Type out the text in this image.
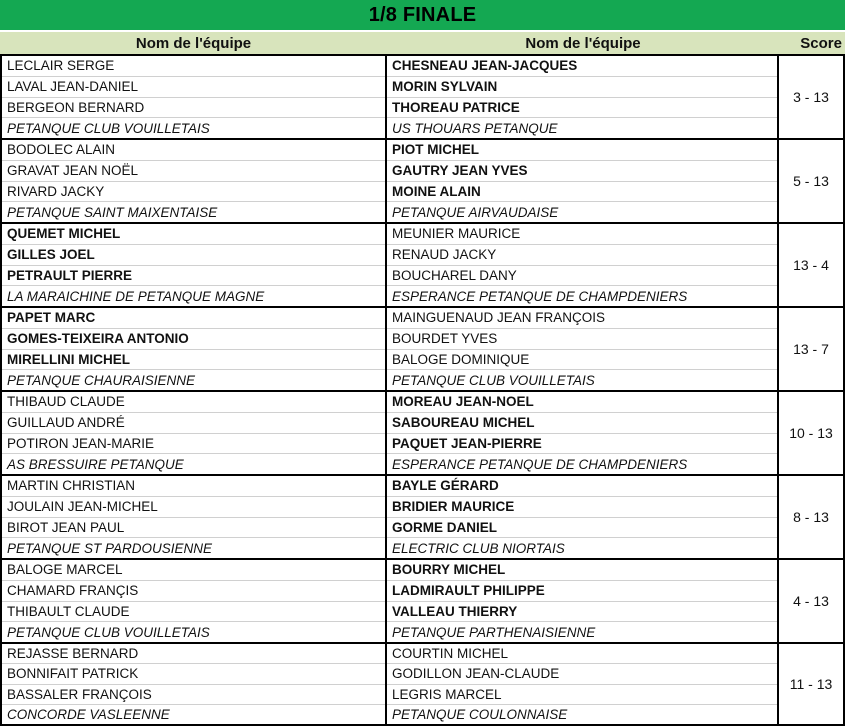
1/8 FINALE
Nom de l'équipe	Nom de l'équipe	Score
LECLAIR SERGE
LAVAL JEAN-DANIEL
BERGEON BERNARD
PETANQUE CLUB VOUILLETAIS
CHESNEAU JEAN-JACQUES
MORIN SYLVAIN
THOREAU PATRICE
US THOUARS PETANQUE
3 - 13
BODOLEC ALAIN
GRAVAT JEAN NOËL
RIVARD JACKY
PETANQUE SAINT MAIXENTAISE
PIOT MICHEL
GAUTRY JEAN YVES
MOINE ALAIN
PETANQUE AIRVAUDAISE
5 - 13
QUEMET MICHEL
GILLES JOEL
PETRAULT PIERRE
LA MARAICHINE DE PETANQUE MAGNE
MEUNIER MAURICE
RENAUD JACKY
BOUCHAREL DANY
ESPERANCE PETANQUE DE CHAMPDENIERS
13 - 4
PAPET MARC
GOMES-TEIXEIRA ANTONIO
MIRELLINI MICHEL
PETANQUE CHAURAISIENNE
MAINGUENAUD JEAN FRANÇOIS
BOURDET YVES
BALOGE DOMINIQUE
PETANQUE CLUB VOUILLETAIS
13 - 7
THIBAUD CLAUDE
GUILLAUD ANDRÉ
POTIRON JEAN-MARIE
AS BRESSUIRE PETANQUE
MOREAU JEAN-NOEL
SABOUREAU MICHEL
PAQUET JEAN-PIERRE
ESPERANCE PETANQUE DE CHAMPDENIERS
10 - 13
MARTIN CHRISTIAN
JOULAIN JEAN-MICHEL
BIROT JEAN PAUL
PETANQUE ST PARDOUSIENNE
BAYLE GÉRARD
BRIDIER MAURICE
GORME DANIEL
ELECTRIC CLUB NIORTAIS
8 - 13
BALOGE MARCEL
CHAMARD FRANÇIS
THIBAULT CLAUDE
PETANQUE CLUB VOUILLETAIS
BOURRY MICHEL
LADMIRAULT PHILIPPE
VALLEAU THIERRY
PETANQUE PARTHENAISIENNE
4 - 13
REJASSE BERNARD
BONNIFAIT PATRICK
BASSALER FRANÇOIS
CONCORDE VASLEENNE
COURTIN MICHEL
GODILLON JEAN-CLAUDE
LEGRIS MARCEL
PETANQUE COULONNAISE
11 - 13
